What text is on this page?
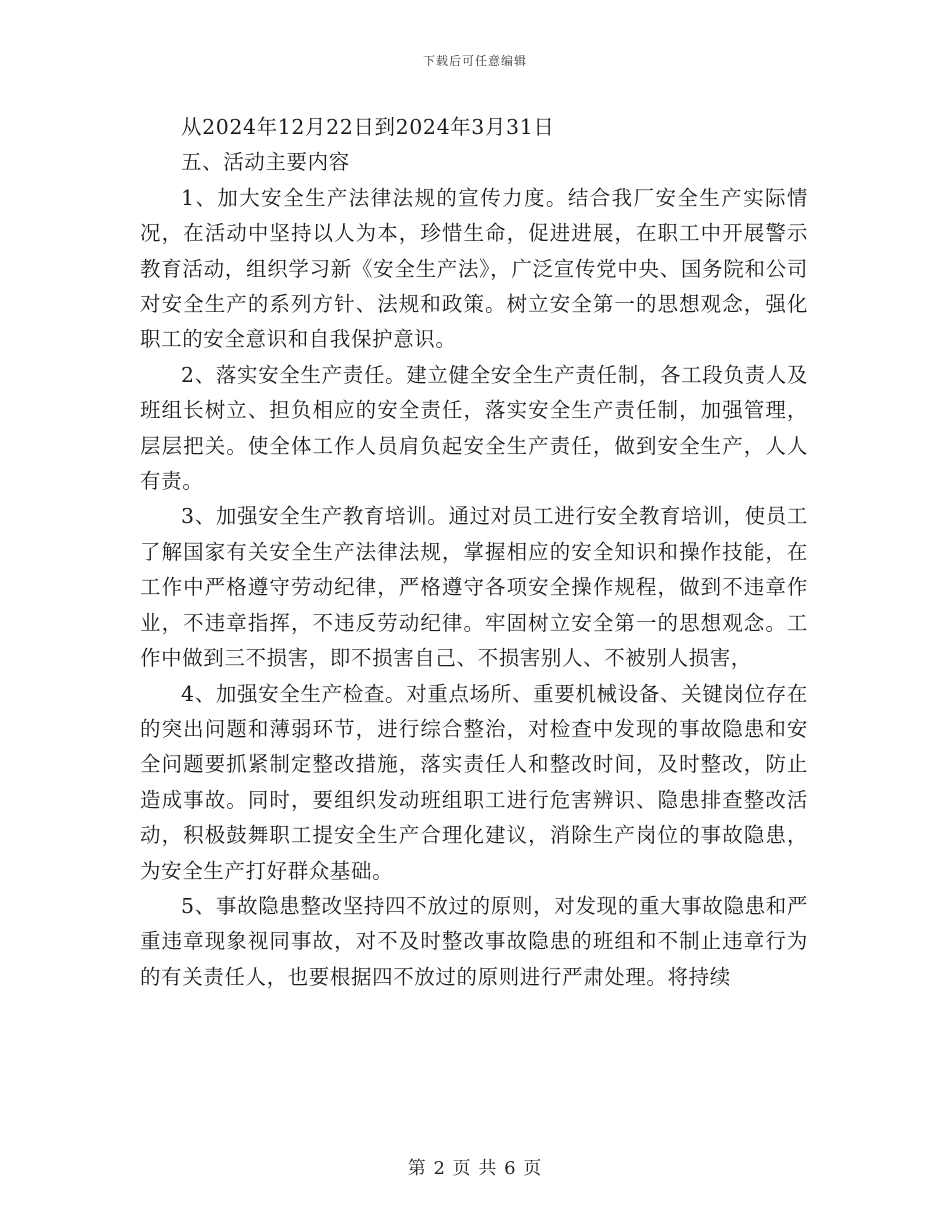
下载后可任意编辑

从2024年12月22日到2024年3月31日

五、活动主要内容

1、加大安全生产法律法规的宣传力度。结合我厂安全生产实际情况，在活动中坚持以人为本，珍惜生命，促进进展，在职工中开展警示教育活动，组织学习新《安全生产法》，广泛宣传党中央、国务院和公司对安全生产的系列方针、法规和政策。树立安全第一的思想观念，强化职工的安全意识和自我保护意识。

2、落实安全生产责任。建立健全安全生产责任制，各工段负责人及班组长树立、担负相应的安全责任，落实安全生产责任制，加强管理，层层把关。使全体工作人员肩负起安全生产责任，做到安全生产，人人有责。

3、加强安全生产教育培训。通过对员工进行安全教育培训，使员工了解国家有关安全生产法律法规，掌握相应的安全知识和操作技能，在工作中严格遵守劳动纪律，严格遵守各项安全操作规程，做到不违章作业，不违章指挥，不违反劳动纪律。牢固树立安全第一的思想观念。工作中做到三不损害，即不损害自己、不损害别人、不被别人损害，

4、加强安全生产检查。对重点场所、重要机械设备、关键岗位存在的突出问题和薄弱环节，进行综合整治，对检查中发现的事故隐患和安全问题要抓紧制定整改措施，落实责任人和整改时间，及时整改，防止造成事故。同时，要组织发动班组职工进行危害辨识、隐患排查整改活动，积极鼓舞职工提安全生产合理化建议，消除生产岗位的事故隐患，为安全生产打好群众基础。

5、事故隐患整改坚持四不放过的原则，对发现的重大事故隐患和严重违章现象视同事故，对不及时整改事故隐患的班组和不制止违章行为的有关责任人，也要根据四不放过的原则进行严肃处理。将持续

第 2 页 共 6 页
